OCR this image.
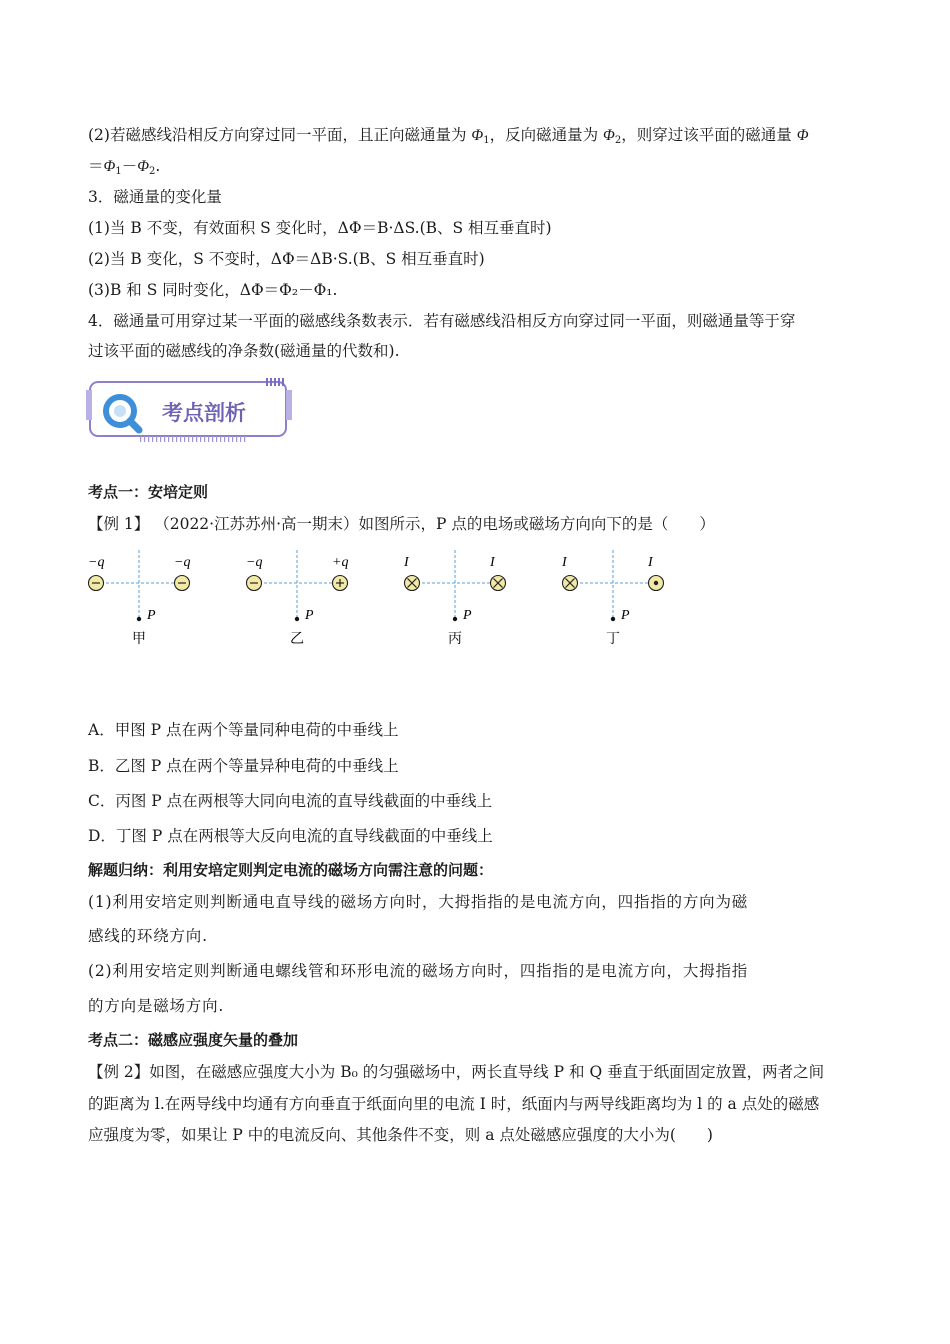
(2)若磁感线沿相反方向穿过同一平面，且正向磁通量为 $\Phi_1$，反向磁通量为 $\Phi_2$，则穿过该平面的磁通量 Φ
$=\Phi_1-\Phi_2$.
3．磁通量的变化量
(1)当 B 不变，有效面积 S 变化时，ΔΦ＝B·ΔS.(B、S 相互垂直时)
(2)当 B 变化，S 不变时，ΔΦ＝ΔB·S.(B、S 相互垂直时)
(3)B 和 S 同时变化，ΔΦ＝Φ₂－Φ₁.
4．磁通量可用穿过某一平面的磁感线条数表示．若有磁感线沿相反方向穿过同一平面，则磁通量等于穿
过该平面的磁感线的净条数(磁通量的代数和).
考点剖析
考点一：安培定则
【例 1】 （2022·江苏苏州·高一期末）如图所示，P 点的电场或磁场方向向下的是（　　）
−q	−q
P
甲
−q	+q
P
乙
I	I
P
丙
I	I
P
丁
A．甲图 P 点在两个等量同种电荷的中垂线上
B．乙图 P 点在两个等量异种电荷的中垂线上
C．丙图 P 点在两根等大同向电流的直导线截面的中垂线上
D．丁图 P 点在两根等大反向电流的直导线截面的中垂线上
解题归纳：利用安培定则判定电流的磁场方向需注意的问题：
(1)利用安培定则判断通电直导线的磁场方向时，大拇指指的是电流方向，四指指的方向为磁
感线的环绕方向.
(2)利用安培定则判断通电螺线管和环形电流的磁场方向时，四指指的是电流方向，大拇指指
的方向是磁场方向.
考点二：磁感应强度矢量的叠加
【例 2】如图，在磁感应强度大小为 B₀ 的匀强磁场中，两长直导线 P 和 Q 垂直于纸面固定放置，两者之间
的距离为 l.在两导线中均通有方向垂直于纸面向里的电流 I 时，纸面内与两导线距离均为 l 的 a 点处的磁感
应强度为零，如果让 P 中的电流反向、其他条件不变，则 a 点处磁感应强度的大小为(　　)
